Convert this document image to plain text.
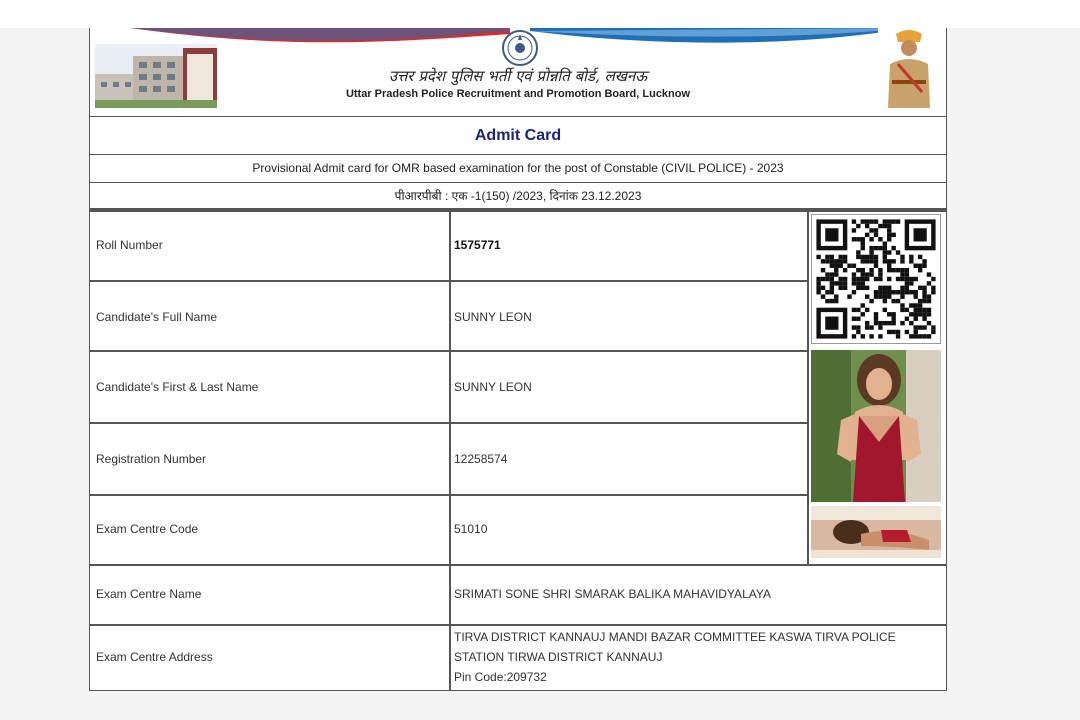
उत्तर प्रदेश पुलिस भर्ती एवं प्रोन्नति बोर्ड, लखनऊ
Uttar Pradesh Police Recruitment and Promotion Board, Lucknow
Admit Card
Provisional Admit card for OMR based examination for the post of Constable (CIVIL POLICE) - 2023
पीआरपीबी : एक -1(150) /2023, दिनांक 23.12.2023
Roll Number	1575771
Candidate's Full Name	SUNNY LEON
Candidate's First & Last Name	SUNNY LEON
Registration Number	12258574
Exam Centre Code	51010
Exam Centre Name	SRIMATI SONE SHRI SMARAK BALIKA MAHAVIDYALAYA
Exam Centre Address
TIRVA DISTRICT KANNAUJ MANDI BAZAR COMMITTEE KASWA TIRVA POLICE
STATION TIRWA DISTRICT KANNAUJ
Pin Code:209732
